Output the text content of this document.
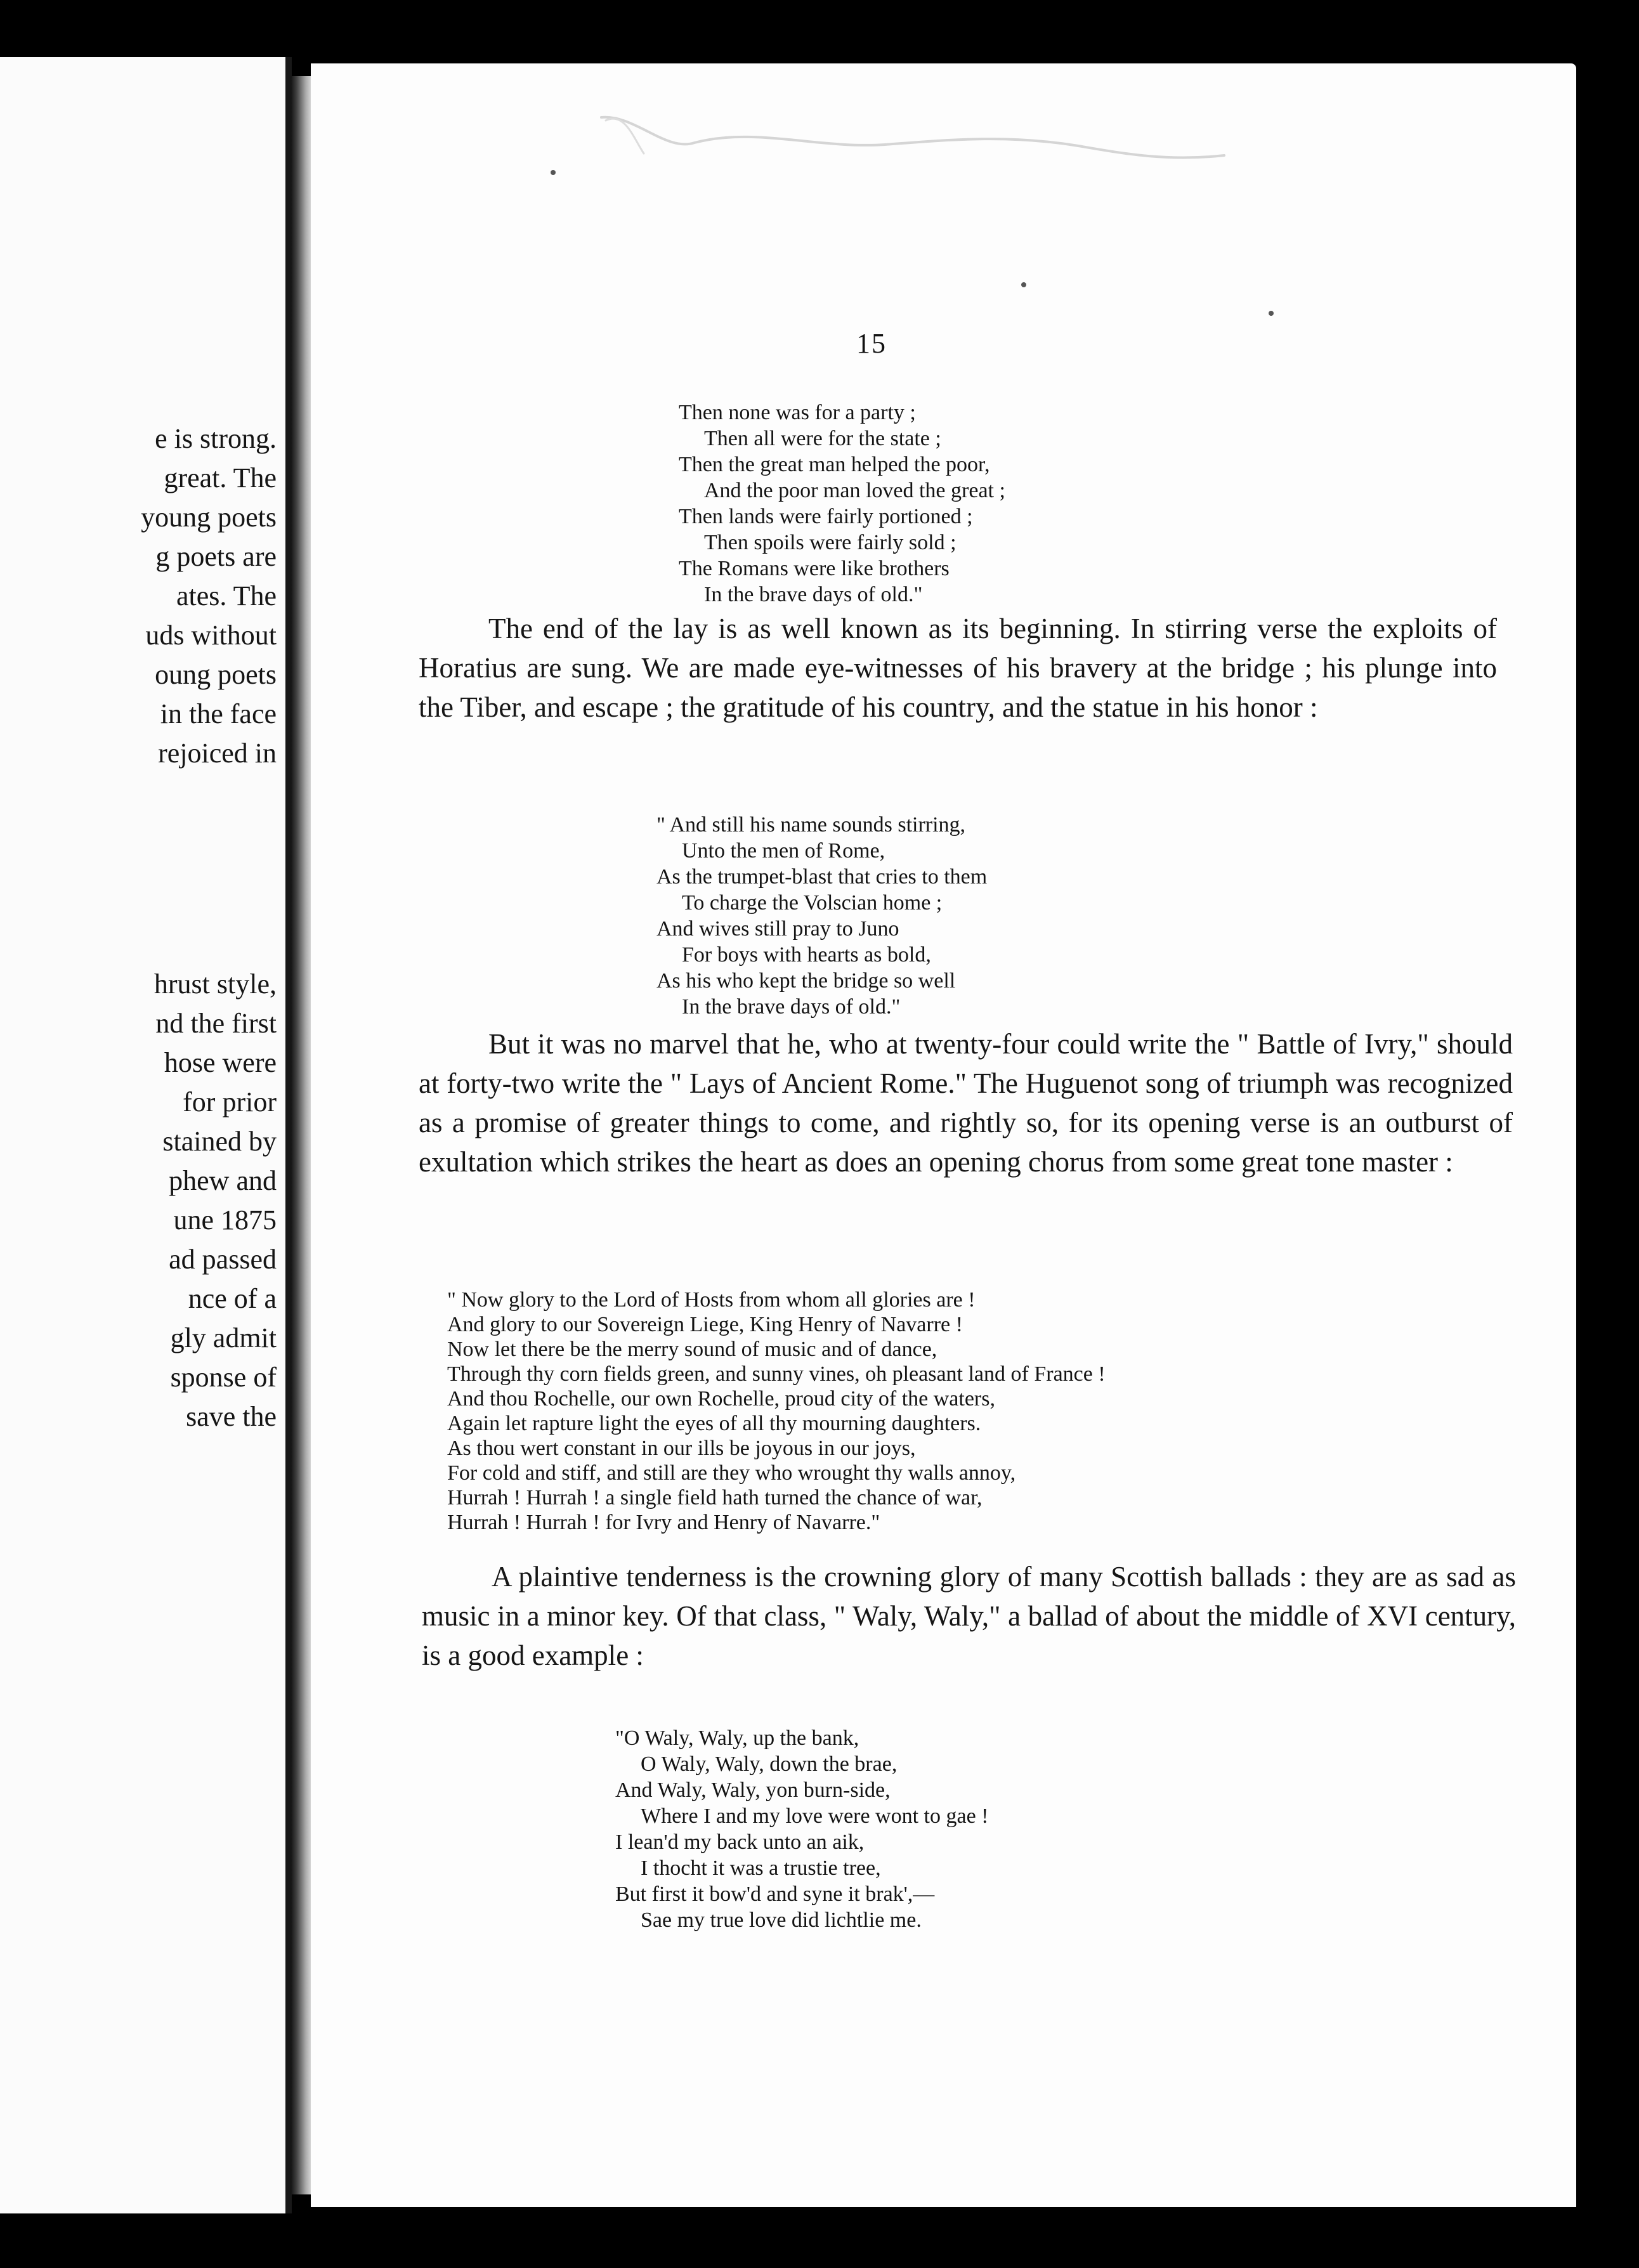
e is strong.

great. The

young poets

g poets are

ates. The

uds without

oung poets

in the face

rejoiced in

hrust style,

nd the first

hose were

for prior

stained by

phew and

une 1875

ad passed

nce of a

gly admit

sponse of

save the

15

Then none was for a party ;
Then all were for the state ;
Then the great man helped the poor,
And the poor man loved the great ;
Then lands were fairly portioned ;
Then spoils were fairly sold ;
The Romans were like brothers
In the brave days of old."

The end of the lay is as well known as its beginning. In stirring verse the exploits of Horatius are sung. We are made eye-witnesses of his bravery at the bridge ; his plunge into the Tiber, and escape ; the gratitude of his country, and the statue in his honor :

" And still his name sounds stirring,
Unto the men of Rome,
As the trumpet-blast that cries to them
To charge the Volscian home ;
And wives still pray to Juno
For boys with hearts as bold,
As his who kept the bridge so well
In the brave days of old."

But it was no marvel that he, who at twenty-four could write the " Battle of Ivry," should at forty-two write the " Lays of Ancient Rome." The Huguenot song of triumph was recognized as a promise of greater things to come, and rightly so, for its opening verse is an outburst of exultation which strikes the heart as does an opening chorus from some great tone master :

" Now glory to the Lord of Hosts from whom all glories are !
And glory to our Sovereign Liege, King Henry of Navarre !
Now let there be the merry sound of music and of dance,
Through thy corn fields green, and sunny vines, oh pleasant land of France !
And thou Rochelle, our own Rochelle, proud city of the waters,
Again let rapture light the eyes of all thy mourning daughters.
As thou wert constant in our ills be joyous in our joys,
For cold and stiff, and still are they who wrought thy walls annoy,
Hurrah ! Hurrah ! a single field hath turned the chance of war,
Hurrah ! Hurrah ! for Ivry and Henry of Navarre."

A plaintive tenderness is the crowning glory of many Scottish ballads : they are as sad as music in a minor key. Of that class, " Waly, Waly," a ballad of about the middle of XVI century, is a good example :

"O Waly, Waly, up the bank,
O Waly, Waly, down the brae,
And Waly, Waly, yon burn-side,
Where I and my love were wont to gae !
I lean'd my back unto an aik,
I thocht it was a trustie tree,
But first it bow'd and syne it brak',—
Sae my true love did lichtlie me.
